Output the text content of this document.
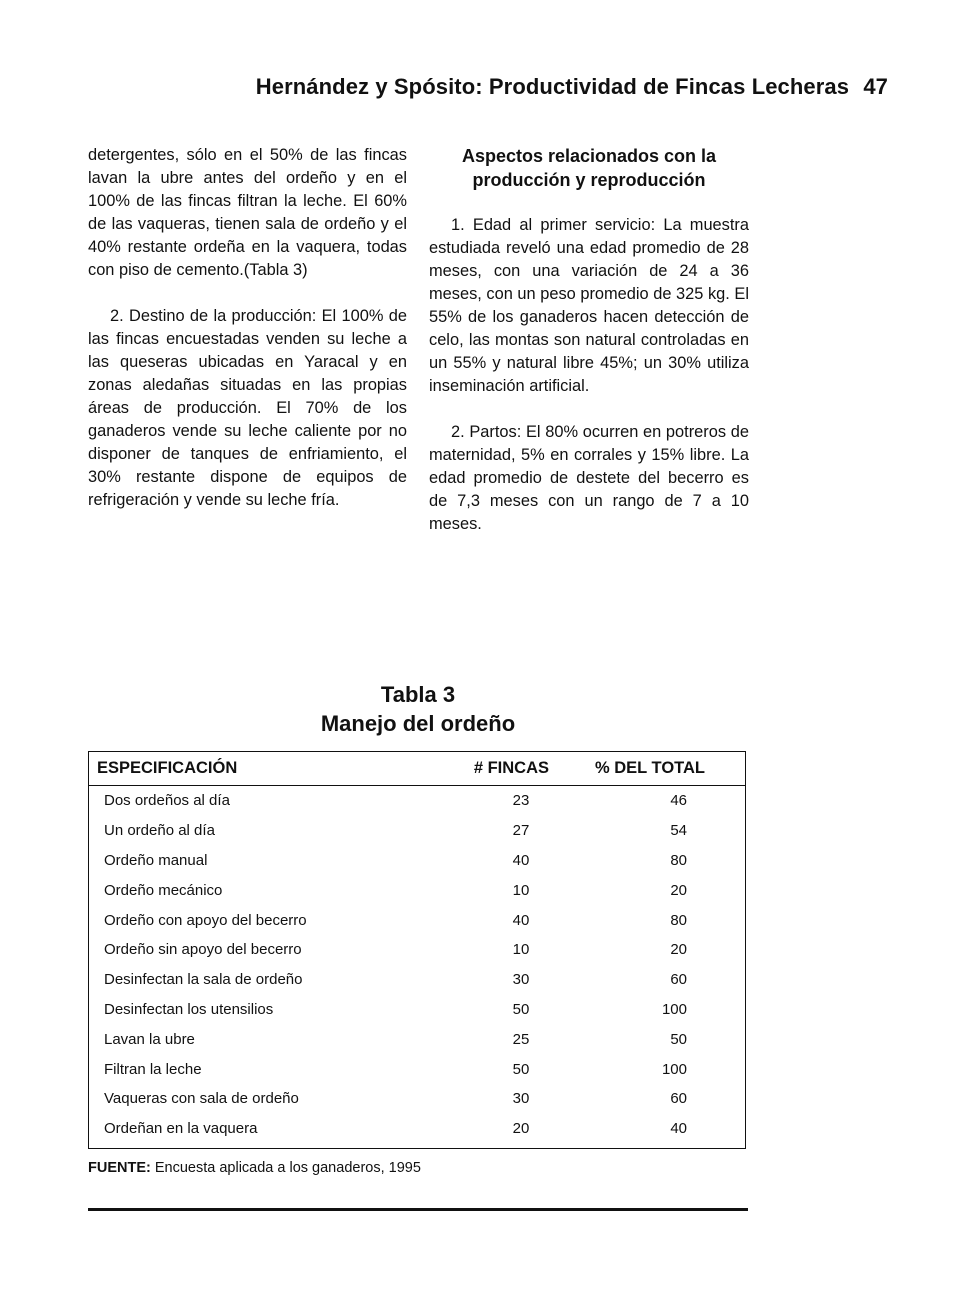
Hernández y Spósito: Productividad de Fincas Lecheras 47

detergentes, sólo en el 50% de las fincas lavan la ubre antes del ordeño y en el 100% de las fincas filtran la leche. El 60% de las vaqueras, tienen sala de ordeño y el 40% restante ordeña en la vaquera, todas con piso de cemento.(Tabla 3)

2. Destino de la producción: El 100% de las fincas encuestadas venden su leche a las queseras ubicadas en Yaracal y en zonas aledañas situadas en las propias áreas de producción. El 70% de los ganaderos vende su leche caliente por no disponer de tanques de enfriamiento, el 30% restante dispone de equipos de refrigeración y vende su leche fría.

Aspectos relacionados con la producción y reproducción

1. Edad al primer servicio: La muestra estudiada reveló una edad promedio de 28 meses, con una variación de 24 a 36 meses, con un peso promedio de 325 kg. El 55% de los ganaderos hacen detección de celo, las montas son natural controladas en un 55% y natural libre 45%; un 30% utiliza inseminación artificial.

2. Partos: El 80% ocurren en potreros de maternidad, 5% en corrales y 15% libre. La edad promedio de destete del becerro es de 7,3 meses con un rango de 7 a 10 meses.

Tabla 3
Manejo del ordeño
ESPECIFICACIÓN	# FINCAS	% DEL TOTAL
Dos ordeños al día	23	46
Un ordeño al día	27	54
Ordeño manual	40	80
Ordeño mecánico	10	20
Ordeño con apoyo del becerro	40	80
Ordeño sin apoyo del becerro	10	20
Desinfectan la sala de ordeño	30	60
Desinfectan los utensilios	50	100
Lavan la ubre	25	50
Filtran la leche	50	100
Vaqueras con sala de ordeño	30	60
Ordeñan en la vaquera	20	40
FUENTE: Encuesta aplicada a los ganaderos, 1995
